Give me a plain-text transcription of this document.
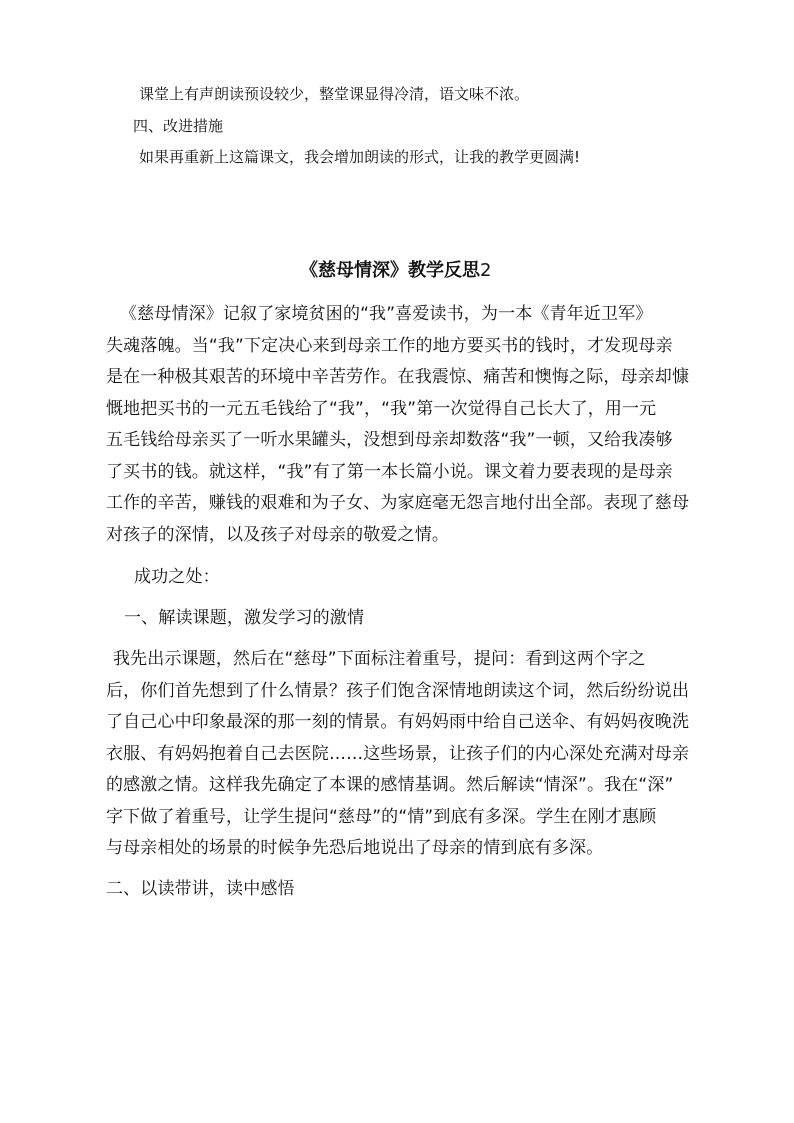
课堂上有声朗读预设较少，整堂课显得冷清，语文味不浓。

四、改进措施

如果再重新上这篇课文，我会增加朗读的形式，让我的教学更圆满!

《慈母情深》教学反思2

《慈母情深》记叙了家境贫困的“我”喜爱读书，为一本《青年近卫军》

失魂落魄。当“我”下定决心来到母亲工作的地方要买书的钱时，才发现母亲

是在一种极其艰苦的环境中辛苦劳作。在我震惊、痛苦和懊悔之际，母亲却慷

慨地把买书的一元五毛钱给了“我”，“我”第一次觉得自己长大了，用一元

五毛钱给母亲买了一听水果罐头，没想到母亲却数落“我”一顿，又给我凑够

了买书的钱。就这样，“我”有了第一本长篇小说。课文着力要表现的是母亲

工作的辛苦，赚钱的艰难和为子女、为家庭毫无怨言地付出全部。表现了慈母

对孩子的深情，以及孩子对母亲的敬爱之情。

成功之处：

一、解读课题，激发学习的激情

我先出示课题，然后在“慈母”下面标注着重号，提问：看到这两个字之

后，你们首先想到了什么情景？孩子们饱含深情地朗读这个词，然后纷纷说出

了自己心中印象最深的那一刻的情景。有妈妈雨中给自己送伞、有妈妈夜晚洗

衣服、有妈妈抱着自己去医院……这些场景，让孩子们的内心深处充满对母亲

的感激之情。这样我先确定了本课的感情基调。然后解读“情深”。我在“深”

字下做了着重号，让学生提问“慈母”的“情”到底有多深。学生在刚才惠顾

与母亲相处的场景的时候争先恐后地说出了母亲的情到底有多深。

二、以读带讲，读中感悟
